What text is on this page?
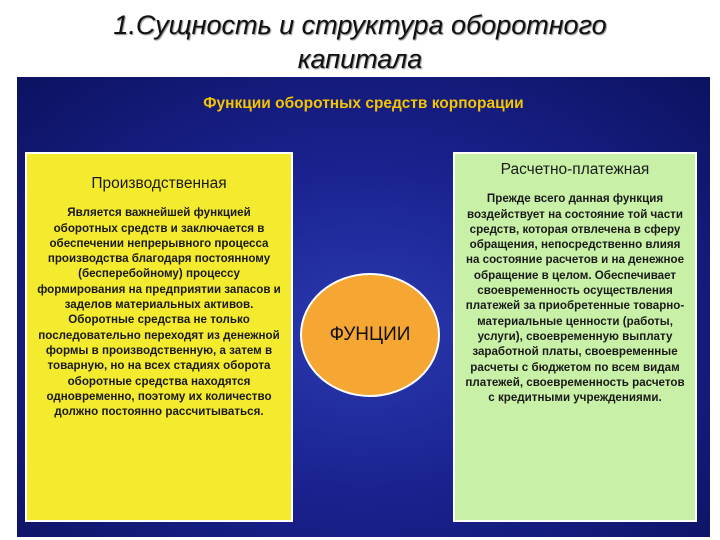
1.Сущность и структура оборотного
капитала
Функции оборотных средств корпорации
Производственная
Является важнейшей функцией оборотных средств и заключается в обеспечении непрерывного процесса производства благодаря постоянному (бесперебойному) процессу формирования на предприятии запасов и заделов материальных активов. Оборотные средства не только последовательно переходят из денежной формы в производственную, а затем в товарную, но на всех стадиях оборота оборотные средства находятся одновременно, поэтому их количество должно постоянно рассчитываться.
ФУНЦИИ
Расчетно-платежная
Прежде всего данная функция воздействует на состояние той части средств, которая отвлечена в сферу обращения, непосредственно влияя на состояние расчетов и на денежное обращение в целом. Обеспечивает своевременность осуществления платежей за приобретенные товарно-материальные ценности (работы, услуги), своевременную выплату заработной платы, своевременные расчеты с бюджетом по всем видам платежей, своевременность расчетов с кредитными учреждениями.
